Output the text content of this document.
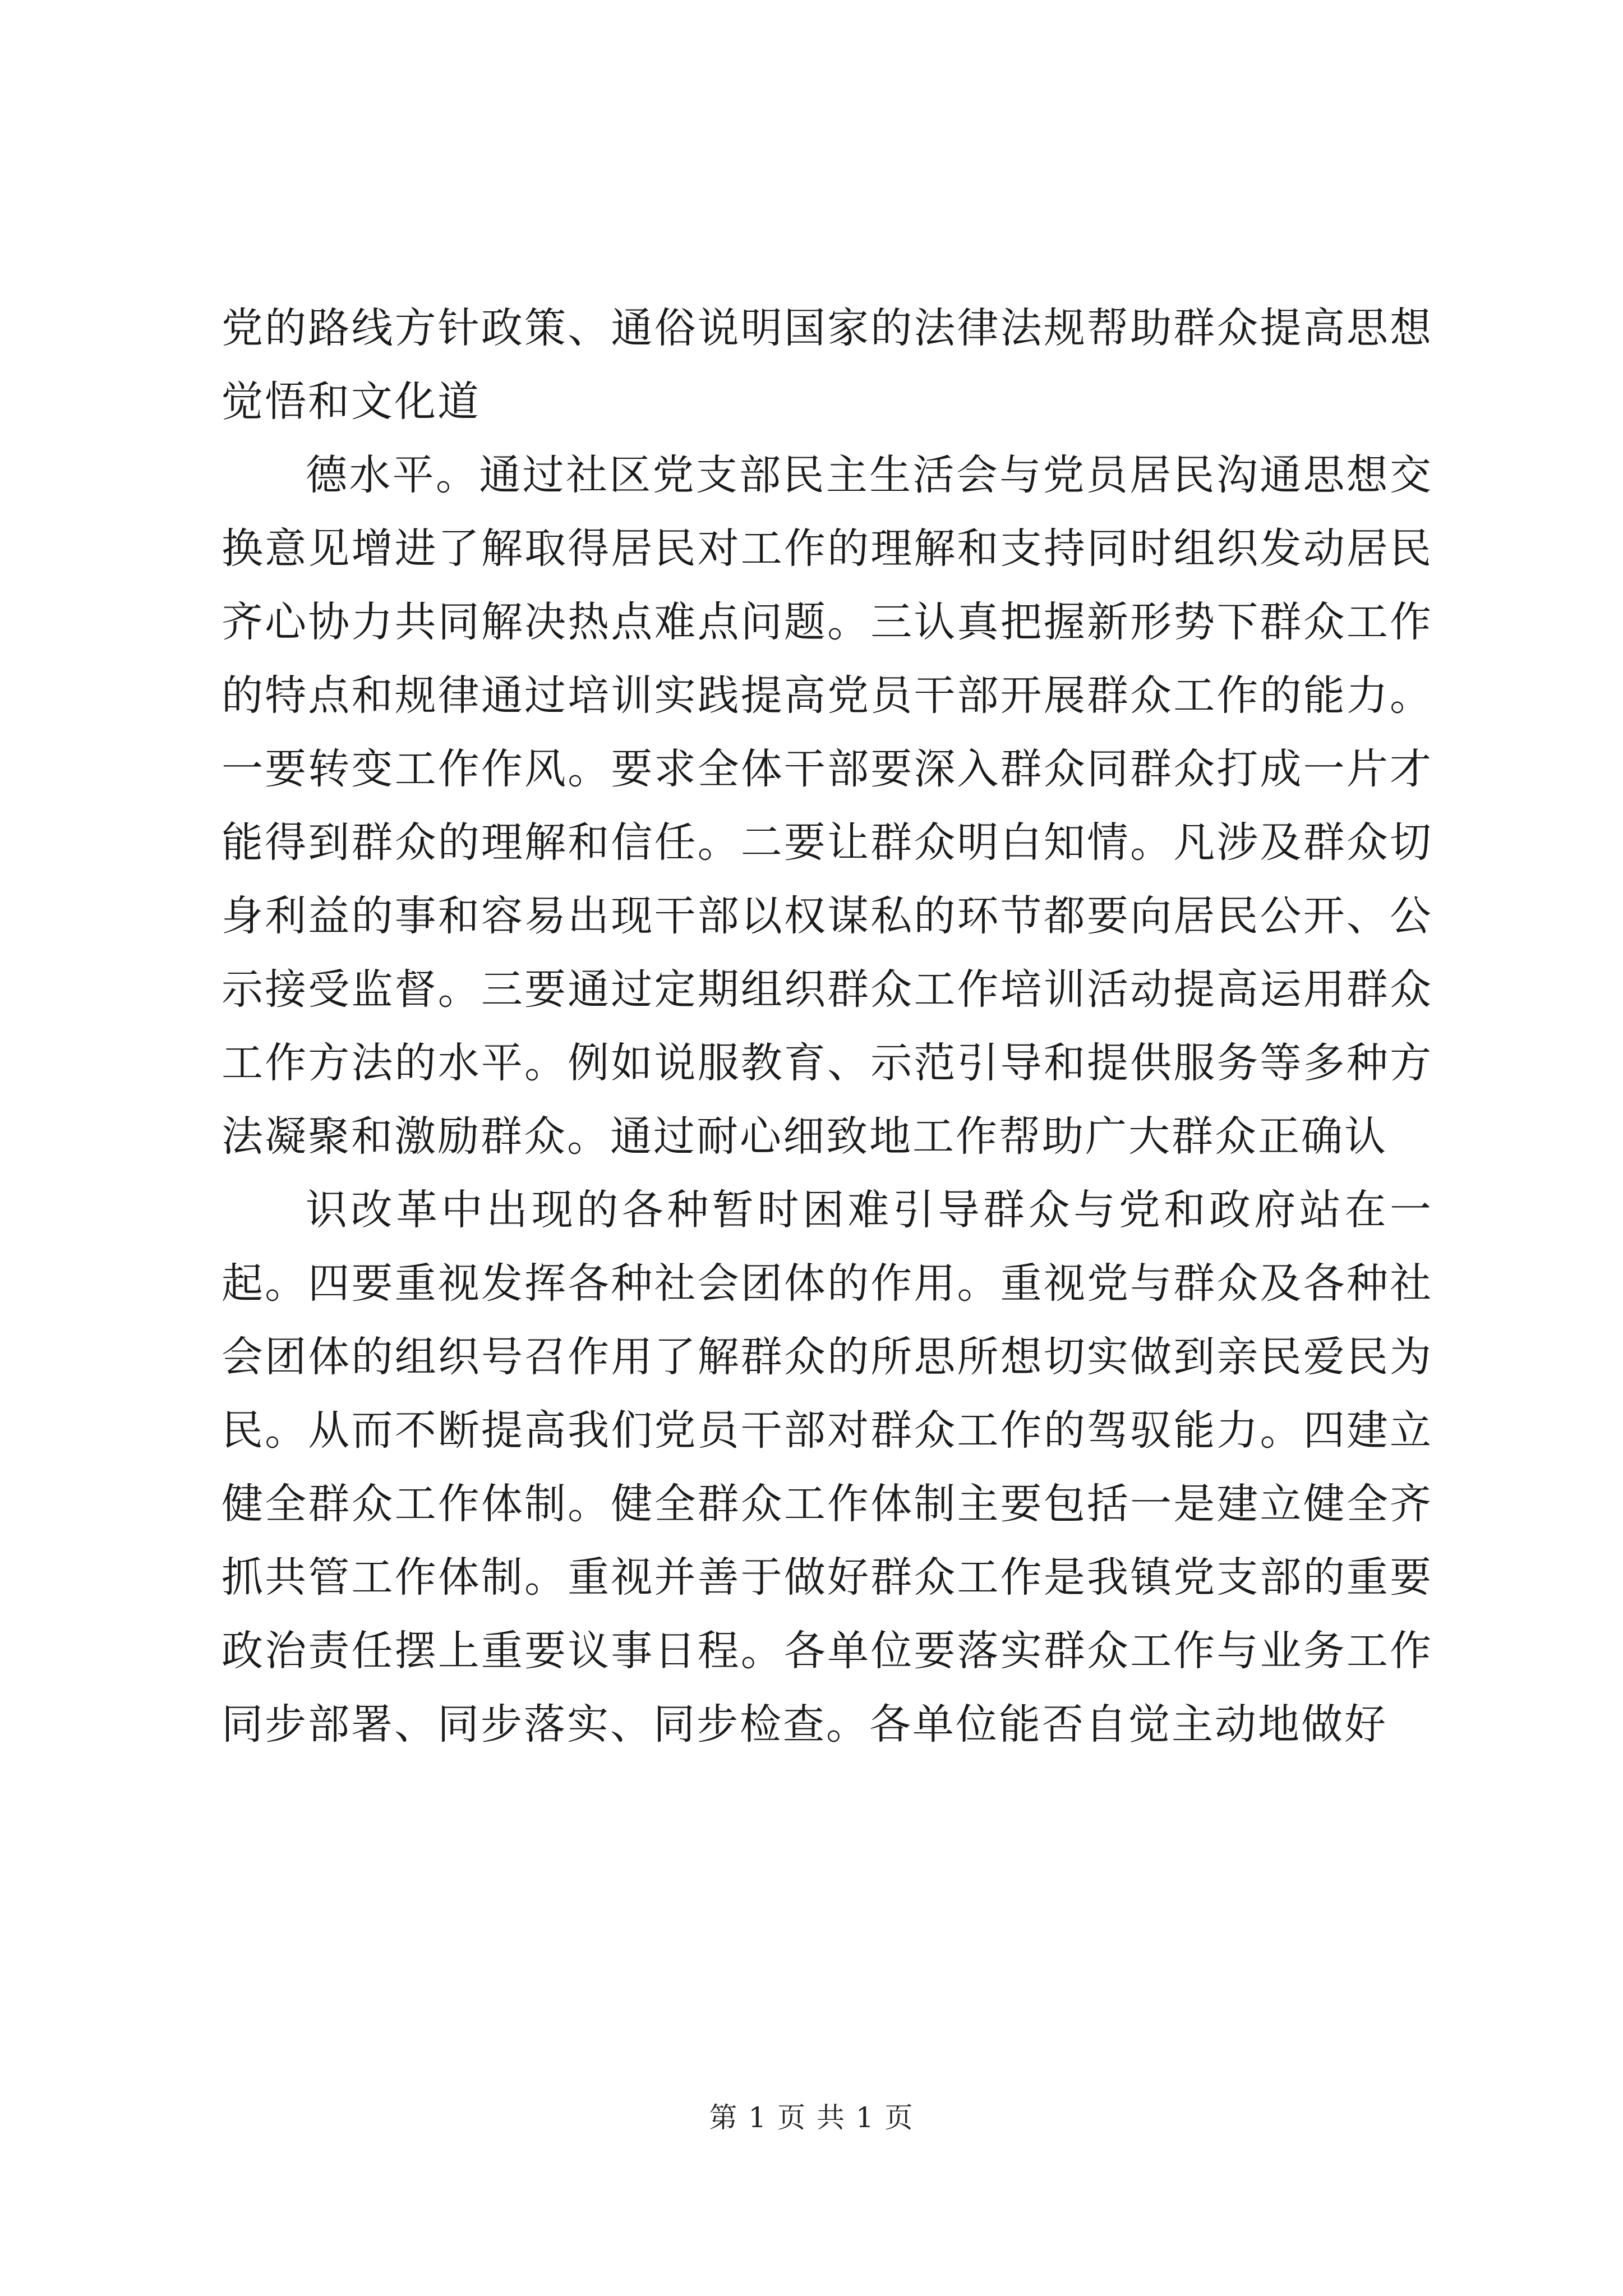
党的路线方针政策、通俗说明国家的法律法规帮助群众提高思想觉悟和文化道

德水平。通过社区党支部民主生活会与党员居民沟通思想交换意见增进了解取得居民对工作的理解和支持同时组织发动居民齐心协力共同解决热点难点问题。三认真把握新形势下群众工作的特点和规律通过培训实践提高党员干部开展群众工作的能力。一要转变工作作风。要求全体干部要深入群众同群众打成一片才能得到群众的理解和信任。二要让群众明白知情。凡涉及群众切身利益的事和容易出现干部以权谋私的环节都要向居民公开、公示接受监督。三要通过定期组织群众工作培训活动提高运用群众工作方法的水平。例如说服教育、示范引导和提供服务等多种方法凝聚和激励群众。通过耐心细致地工作帮助广大群众正确认

识改革中出现的各种暂时困难引导群众与党和政府站在一起。四要重视发挥各种社会团体的作用。重视党与群众及各种社会团体的组织号召作用了解群众的所思所想切实做到亲民爱民为民。从而不断提高我们党员干部对群众工作的驾驭能力。四建立健全群众工作体制。健全群众工作体制主要包括一是建立健全齐抓共管工作体制。重视并善于做好群众工作是我镇党支部的重要政治责任摆上重要议事日程。各单位要落实群众工作与业务工作同步部署、同步落实、同步检查。各单位能否自觉主动地做好

第 1 页 共 1 页
